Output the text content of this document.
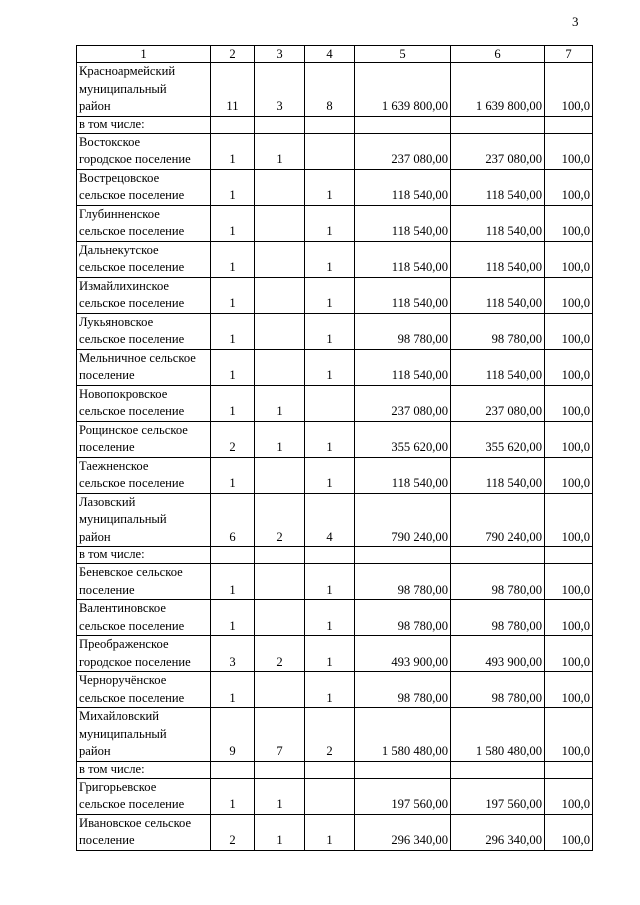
3
1	2	3	4	5	6	7

Красноармейский
муниципальный
район	11	3	8	1 639 800,00	1 639 800,00	100,0

в том числе:						

Востокское
городское поселение	1	1		237 080,00	237 080,00	100,0

Вострецовское
сельское поселение	1		1	118 540,00	118 540,00	100,0

Глубинненское
сельское поселение	1		1	118 540,00	118 540,00	100,0

Дальнекутское
сельское поселение	1		1	118 540,00	118 540,00	100,0

Измайлихинское
сельское поселение	1		1	118 540,00	118 540,00	100,0

Лукьяновское
сельское поселение	1		1	98 780,00	98 780,00	100,0

Мельничное сельское
поселение	1		1	118 540,00	118 540,00	100,0

Новопокровское
сельское поселение	1	1		237 080,00	237 080,00	100,0

Рощинское сельское
поселение	2	1	1	355 620,00	355 620,00	100,0

Таежненское
сельское поселение	1		1	118 540,00	118 540,00	100,0

Лазовский
муниципальный
район	6	2	4	790 240,00	790 240,00	100,0

в том числе:						

Беневское сельское
поселение	1		1	98 780,00	98 780,00	100,0

Валентиновское
сельское поселение	1		1	98 780,00	98 780,00	100,0

Преображенское
городское поселение	3	2	1	493 900,00	493 900,00	100,0

Черноручёнское
сельское поселение	1		1	98 780,00	98 780,00	100,0

Михайловский
муниципальный
район	9	7	2	1 580 480,00	1 580 480,00	100,0

в том числе:						

Григорьевское
сельское поселение	1	1		197 560,00	197 560,00	100,0

Ивановское сельское
поселение	2	1	1	296 340,00	296 340,00	100,0
